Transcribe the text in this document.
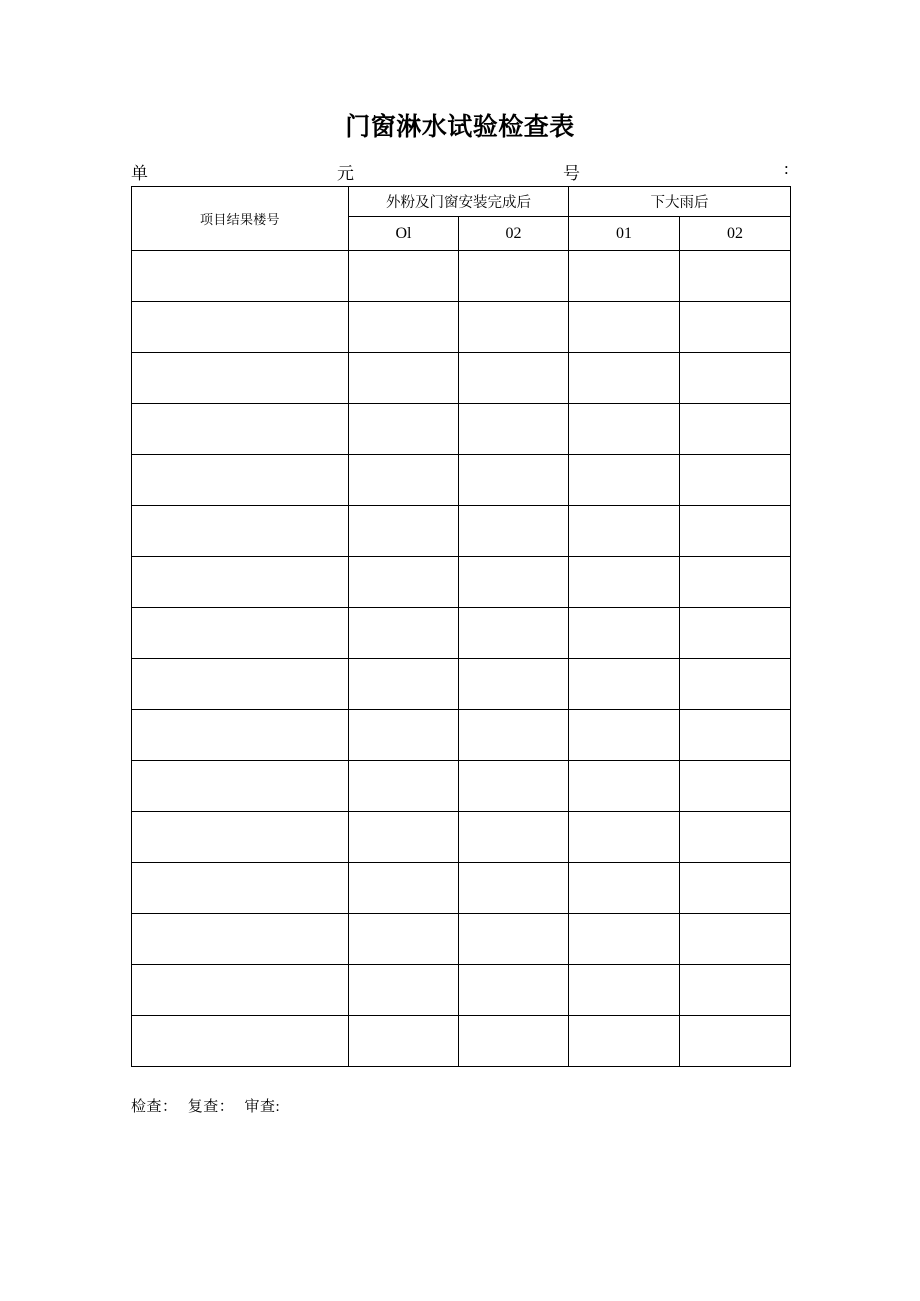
门窗淋水试验检查表
单	元	号	:
项目结果楼号	外粉及门窗安装完成后		下大雨后	
	Ol	02	01	02

检查： 复查： 审查:
